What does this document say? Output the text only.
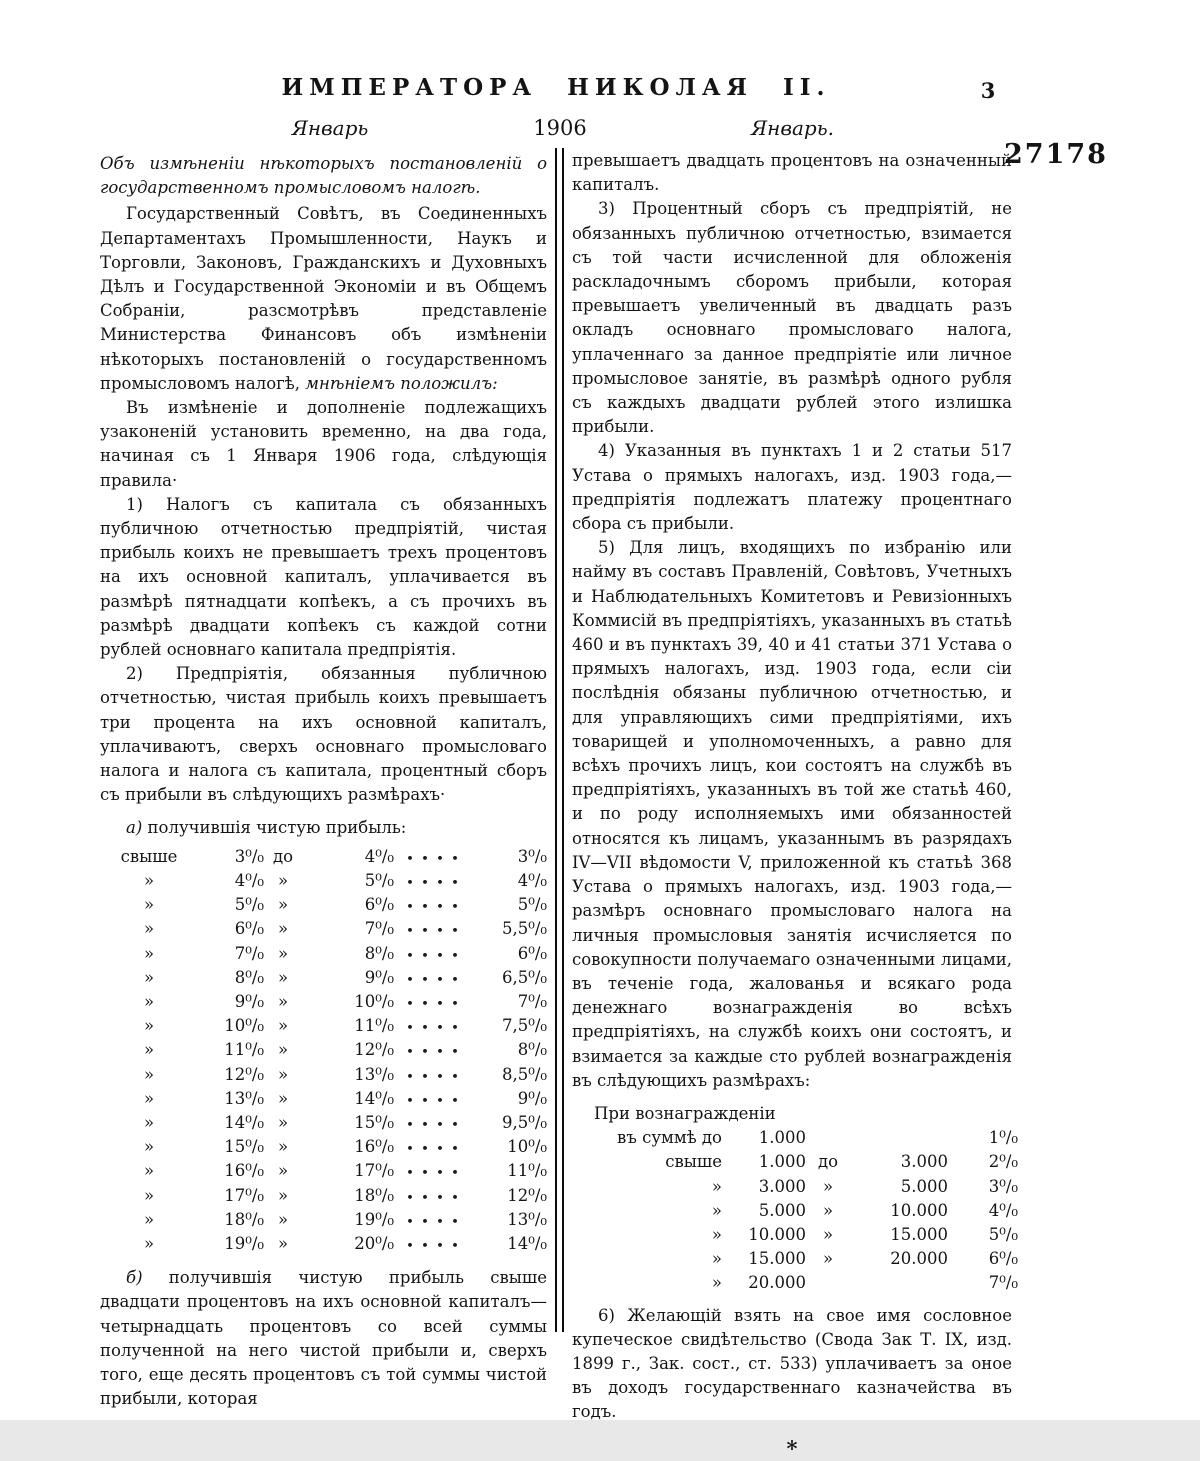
ИМПЕРАТОРА НИКОЛАЯ II.	3
Январь	1906	Январь.
27178

Объ измѣненіи нѣкоторыхъ постановленій о государственномъ промысловомъ налогѣ.

Государственный Совѣтъ, въ Соединенныхъ Департаментахъ Промышленности, Наукъ и Торговли, Законовъ, Гражданскихъ и Духовныхъ Дѣлъ и Государственной Экономіи и въ Общемъ Собраніи, разсмотрѣвъ представленіе Министерства Финансовъ объ измѣненіи нѣкоторыхъ постановленій о государственномъ промысловомъ налогѣ, мнѣніемъ положилъ:

Въ измѣненіе и дополненіе подлежащихъ узаконеній установить временно, на два года, начиная съ 1 Января 1906 года, слѣдующія правила·

1) Налогъ съ капитала съ обязанныхъ публичною отчетностью предпріятій, чистая прибыль коихъ не превышаетъ трехъ процентовъ на ихъ основной капиталъ, уплачивается въ размѣрѣ пятнадцати копѣекъ, а съ прочихъ въ размѣрѣ двадцати копѣекъ съ каждой сотни рублей основнаго капитала предпріятія.

2) Предпріятія, обязанныя публичною отчетностью, чистая прибыль коихъ превышаетъ три процента на ихъ основной капиталъ, уплачиваютъ, сверхъ основнаго промысловаго налога и налога съ капитала, процентный сборъ съ прибыли въ слѣдующихъ размѣрахъ·

а) получившія чистую прибыль:

свыше	3⁰/₀ до	4⁰/₀	3⁰/₀
»	4⁰/₀ »	5⁰/₀	4⁰/₀
»	5⁰/₀ »	6⁰/₀	5⁰/₀
»	6⁰/₀ »	7⁰/₀	5,5⁰/₀
»	7⁰/₀ »	8⁰/₀	6⁰/₀
»	8⁰/₀ »	9⁰/₀	6,5⁰/₀
»	9⁰/₀ »	10⁰/₀	7⁰/₀
»	10⁰/₀ »	11⁰/₀	7,5⁰/₀
»	11⁰/₀ »	12⁰/₀	8⁰/₀
»	12⁰/₀ »	13⁰/₀	8,5⁰/₀
»	13⁰/₀ »	14⁰/₀	9⁰/₀
»	14⁰/₀ »	15⁰/₀	9,5⁰/₀
»	15⁰/₀ »	16⁰/₀	10⁰/₀
»	16⁰/₀ »	17⁰/₀	11⁰/₀
»	17⁰/₀ »	18⁰/₀	12⁰/₀
»	18⁰/₀ »	19⁰/₀	13⁰/₀
»	19⁰/₀ »	20⁰/₀	14⁰/₀

б) получившія чистую прибыль свыше двадцати процентовъ на ихъ основной капиталъ—четырнадцать процентовъ со всей суммы полученной на него чистой прибыли и, сверхъ того, еще десять процентовъ съ той суммы чистой прибыли, которая

превышаетъ двадцать процентовъ на означенный капиталъ.

3) Процентный сборъ съ предпріятій, не обязанныхъ публичною отчетностью, взимается съ той части исчисленной для обложенія раскладочнымъ сборомъ прибыли, которая превышаетъ увеличенный въ двадцать разъ окладъ основнаго промысловаго налога, уплаченнаго за данное предпріятіе или личное промысловое занятіе, въ размѣрѣ одного рубля съ каждыхъ двадцати рублей этого излишка прибыли.

4) Указанныя въ пунктахъ 1 и 2 статьи 517 Устава о прямыхъ налогахъ, изд. 1903 года,—предпріятія подлежатъ платежу процентнаго сбора съ прибыли.

5) Для лицъ, входящихъ по избранію или найму въ составъ Правленій, Совѣтовъ, Учетныхъ и Наблюдательныхъ Комитетовъ и Ревизіонныхъ Коммисій въ предпріятіяхъ, указанныхъ въ статьѣ 460 и въ пунктахъ 39, 40 и 41 статьи 371 Устава о прямыхъ налогахъ, изд. 1903 года, если сіи послѣднія обязаны публичною отчетностью, и для управляющихъ сими предпріятіями, ихъ товарищей и уполномоченныхъ, а равно для всѣхъ прочихъ лицъ, кои состоятъ на службѣ въ предпріятіяхъ, указанныхъ въ той же статьѣ 460, и по роду исполняемыхъ ими обязанностей относятся къ лицамъ, указаннымъ въ разрядахъ IV—VII вѣдомости V, приложенной къ статьѣ 368 Устава о прямыхъ налогахъ, изд. 1903 года,—размѣръ основнаго промысловаго налога на личныя промысловыя занятія исчисляется по совокупности получаемаго означенными лицами, въ теченіе года, жалованья и всякаго рода денежнаго вознагражденія во всѣхъ предпріятіяхъ, на службѣ коихъ они состоятъ, и взимается за каждые сто рублей вознагражденія въ слѣдующихъ размѣрахъ:

При вознагражденіи

въ суммѣ до	1.000	1⁰/₀
свыше	1.000 до	3.000	2⁰/₀
»	3.000	»	5.000	3⁰/₀
»	5.000	»	10.000	4⁰/₀
»	10.000	»	15.000	5⁰/₀
»	15.000	»	20.000	6⁰/₀
»	20.000	7⁰/₀

6) Желающій взять на свое имя сословное купеческое свидѣтельство (Свода Зак Т. IX, изд. 1899 г., Зак. сост., ст. 533) уплачиваетъ за оное въ доходъ государственнаго казначейства въ годъ.

*
